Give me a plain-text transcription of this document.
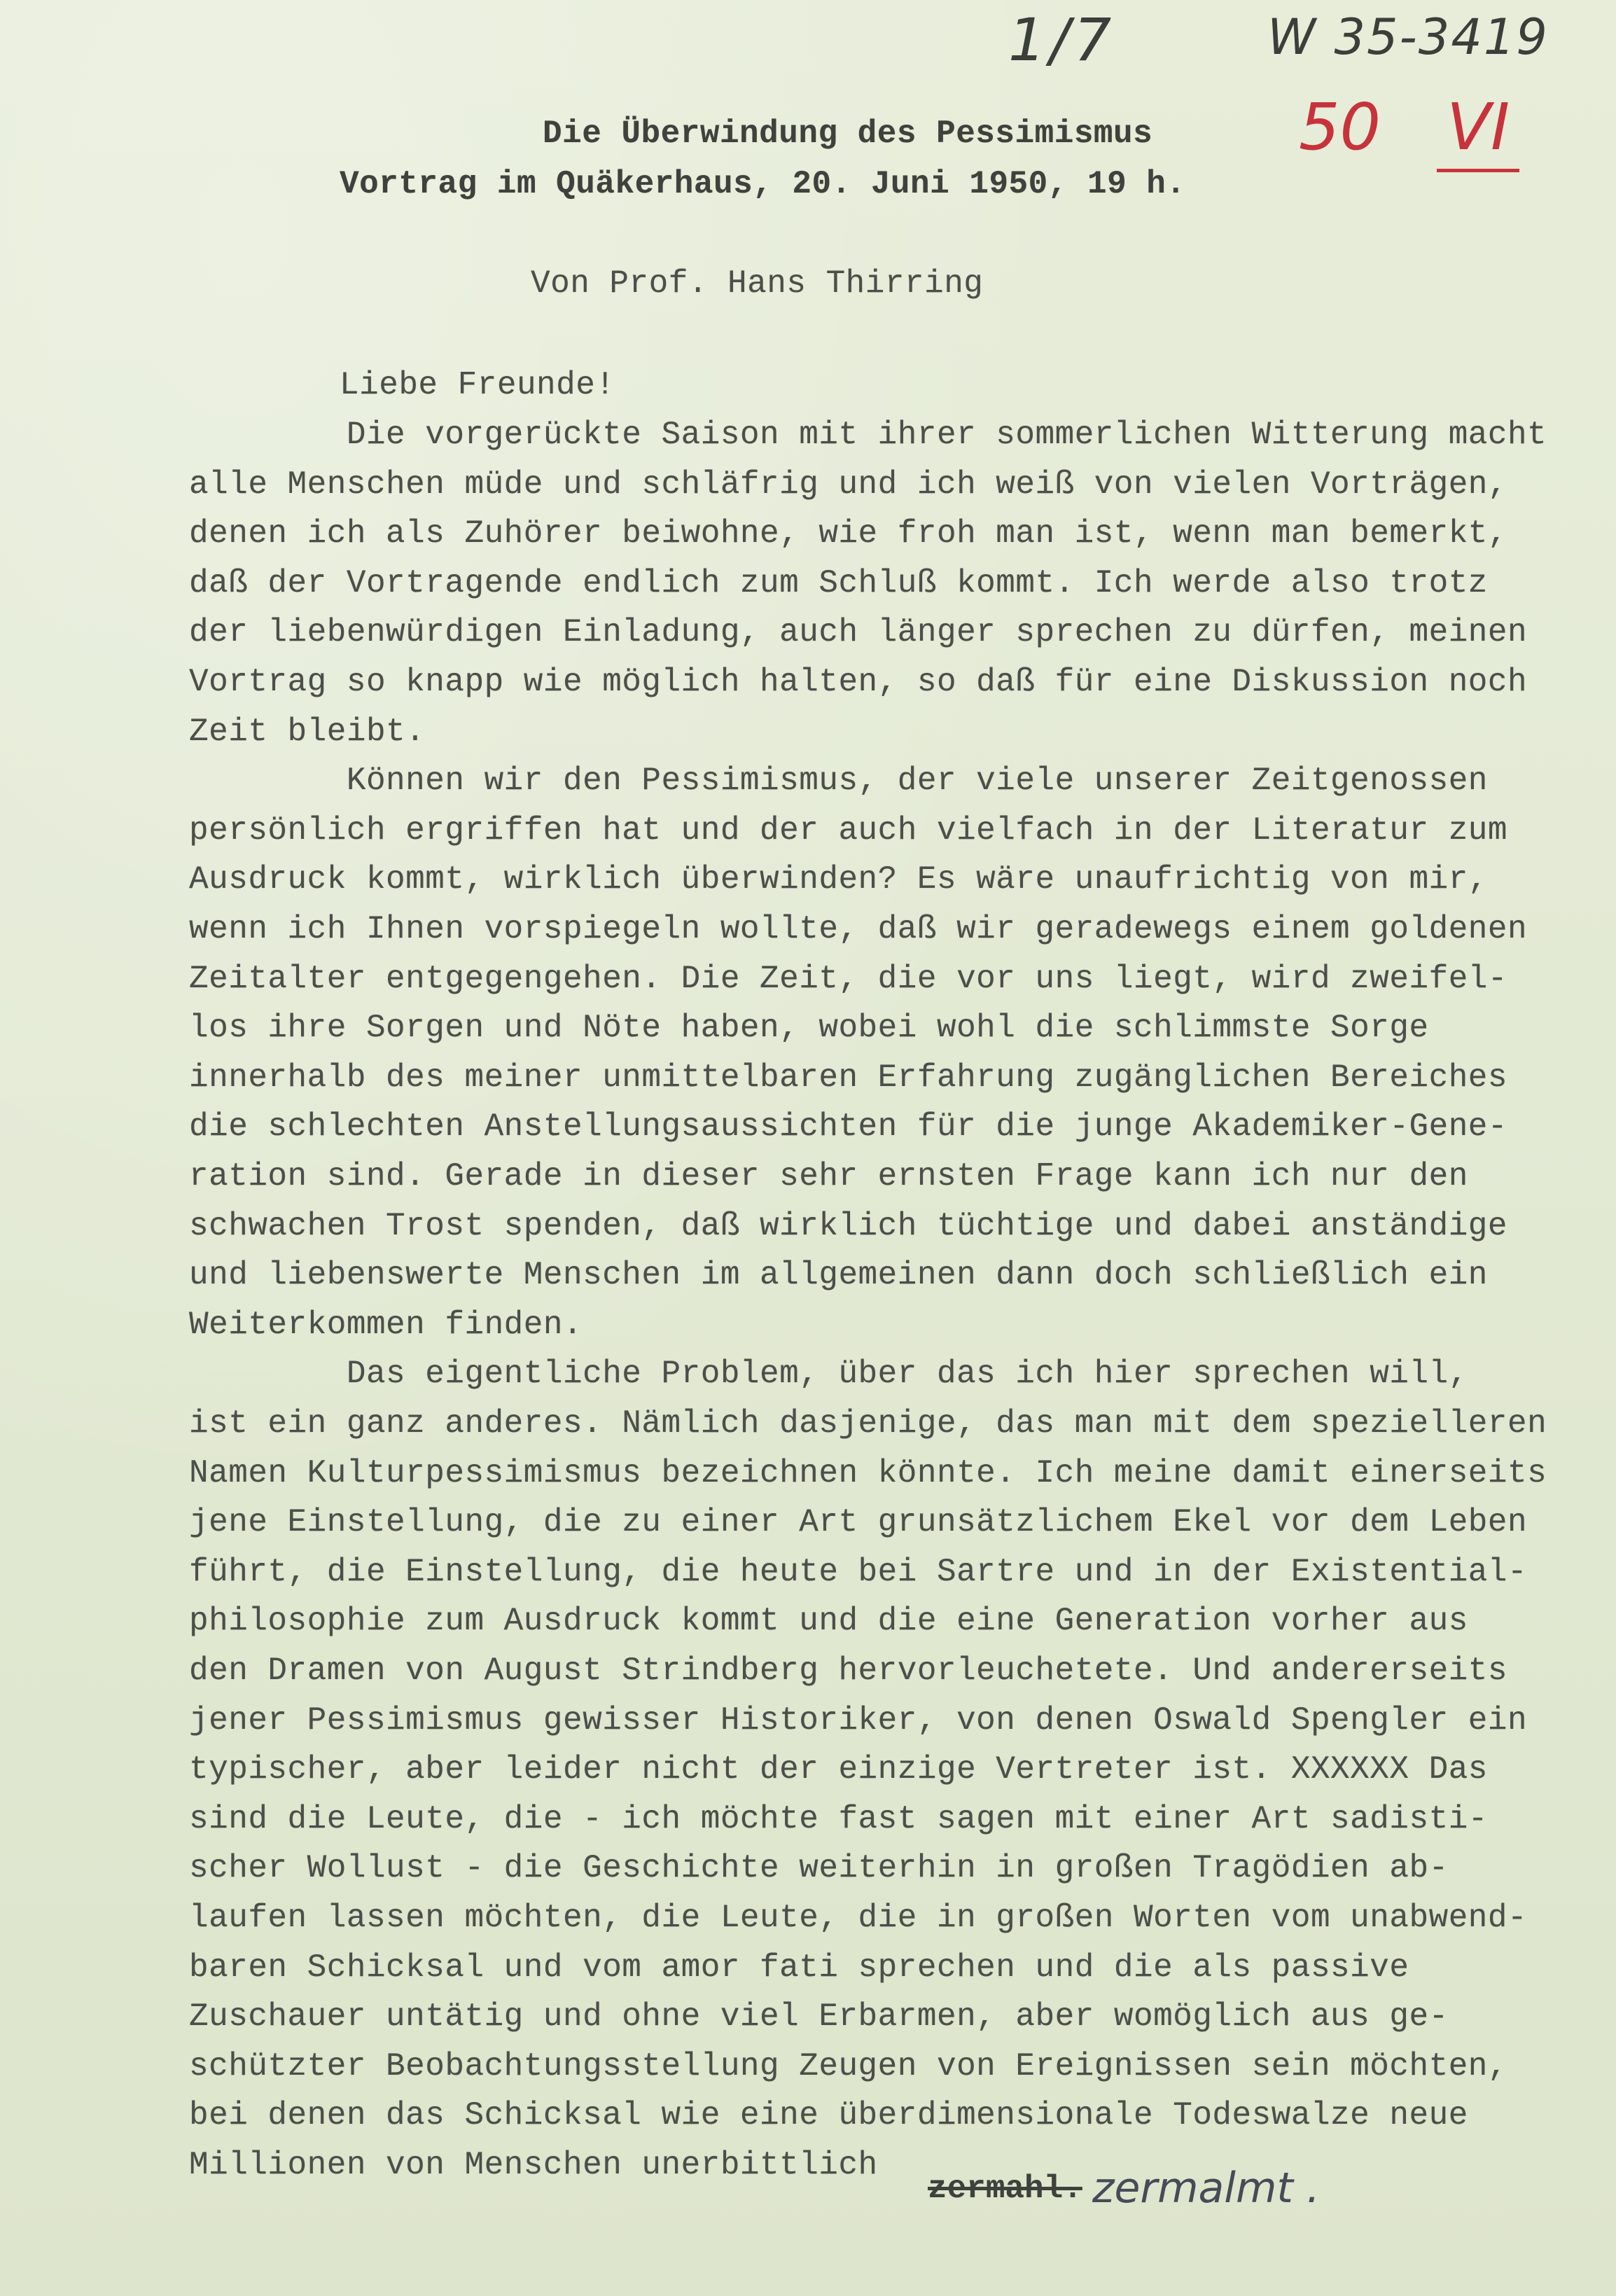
1/7	W 35-3419
50 VI
Die Überwindung des Pessimismus
Vortrag im Quäkerhaus, 20. Juni 1950, 19 h.
Von Prof. Hans Thirring
Liebe Freunde!
Die vorgerückte Saison mit ihrer sommerlichen Witterung macht
alle Menschen müde und schläfrig und ich weiß von vielen Vorträgen,
denen ich als Zuhörer beiwohne, wie froh man ist, wenn man bemerkt,
daß der Vortragende endlich zum Schluß kommt. Ich werde also trotz
der liebenwürdigen Einladung, auch länger sprechen zu dürfen, meinen
Vortrag so knapp wie möglich halten, so daß für eine Diskussion noch
Zeit bleibt.
Können wir den Pessimismus, der viele unserer Zeitgenossen
persönlich ergriffen hat und der auch vielfach in der Literatur zum
Ausdruck kommt, wirklich überwinden? Es wäre unaufrichtig von mir,
wenn ich Ihnen vorspiegeln wollte, daß wir geradewegs einem goldenen
Zeitalter entgegengehen. Die Zeit, die vor uns liegt, wird zweifel-
los ihre Sorgen und Nöte haben, wobei wohl die schlimmste Sorge
innerhalb des meiner unmittelbaren Erfahrung zugänglichen Bereiches
die schlechten Anstellungsaussichten für die junge Akademiker-Gene-
ration sind. Gerade in dieser sehr ernsten Frage kann ich nur den
schwachen Trost spenden, daß wirklich tüchtige und dabei anständige
und liebenswerte Menschen im allgemeinen dann doch schließlich ein
Weiterkommen finden.
Das eigentliche Problem, über das ich hier sprechen will,
ist ein ganz anderes. Nämlich dasjenige, das man mit dem spezielleren
Namen Kulturpessimismus bezeichnen könnte. Ich meine damit einerseits
jene Einstellung, die zu einer Art grunsätzlichem Ekel vor dem Leben
führt, die Einstellung, die heute bei Sartre und in der Existential-
philosophie zum Ausdruck kommt und die eine Generation vorher aus
den Dramen von August Strindberg hervorleuchetete. Und andererseits
jener Pessimismus gewisser Historiker, von denen Oswald Spengler ein
typischer, aber leider nicht der einzige Vertreter ist. XXXXXX Das
sind die Leute, die - ich möchte fast sagen mit einer Art sadisti-
scher Wollust - die Geschichte weiterhin in großen Tragödien ab-
laufen lassen möchten, die Leute, die in großen Worten vom unabwend-
baren Schicksal und vom amor fati sprechen und die als passive
Zuschauer untätig und ohne viel Erbarmen, aber womöglich aus ge-
schützter Beobachtungsstellung Zeugen von Ereignissen sein möchten,
bei denen das Schicksal wie eine überdimensionale Todeswalze neue
Millionen von Menschen unerbittlich
zermahl. zermalmt .
